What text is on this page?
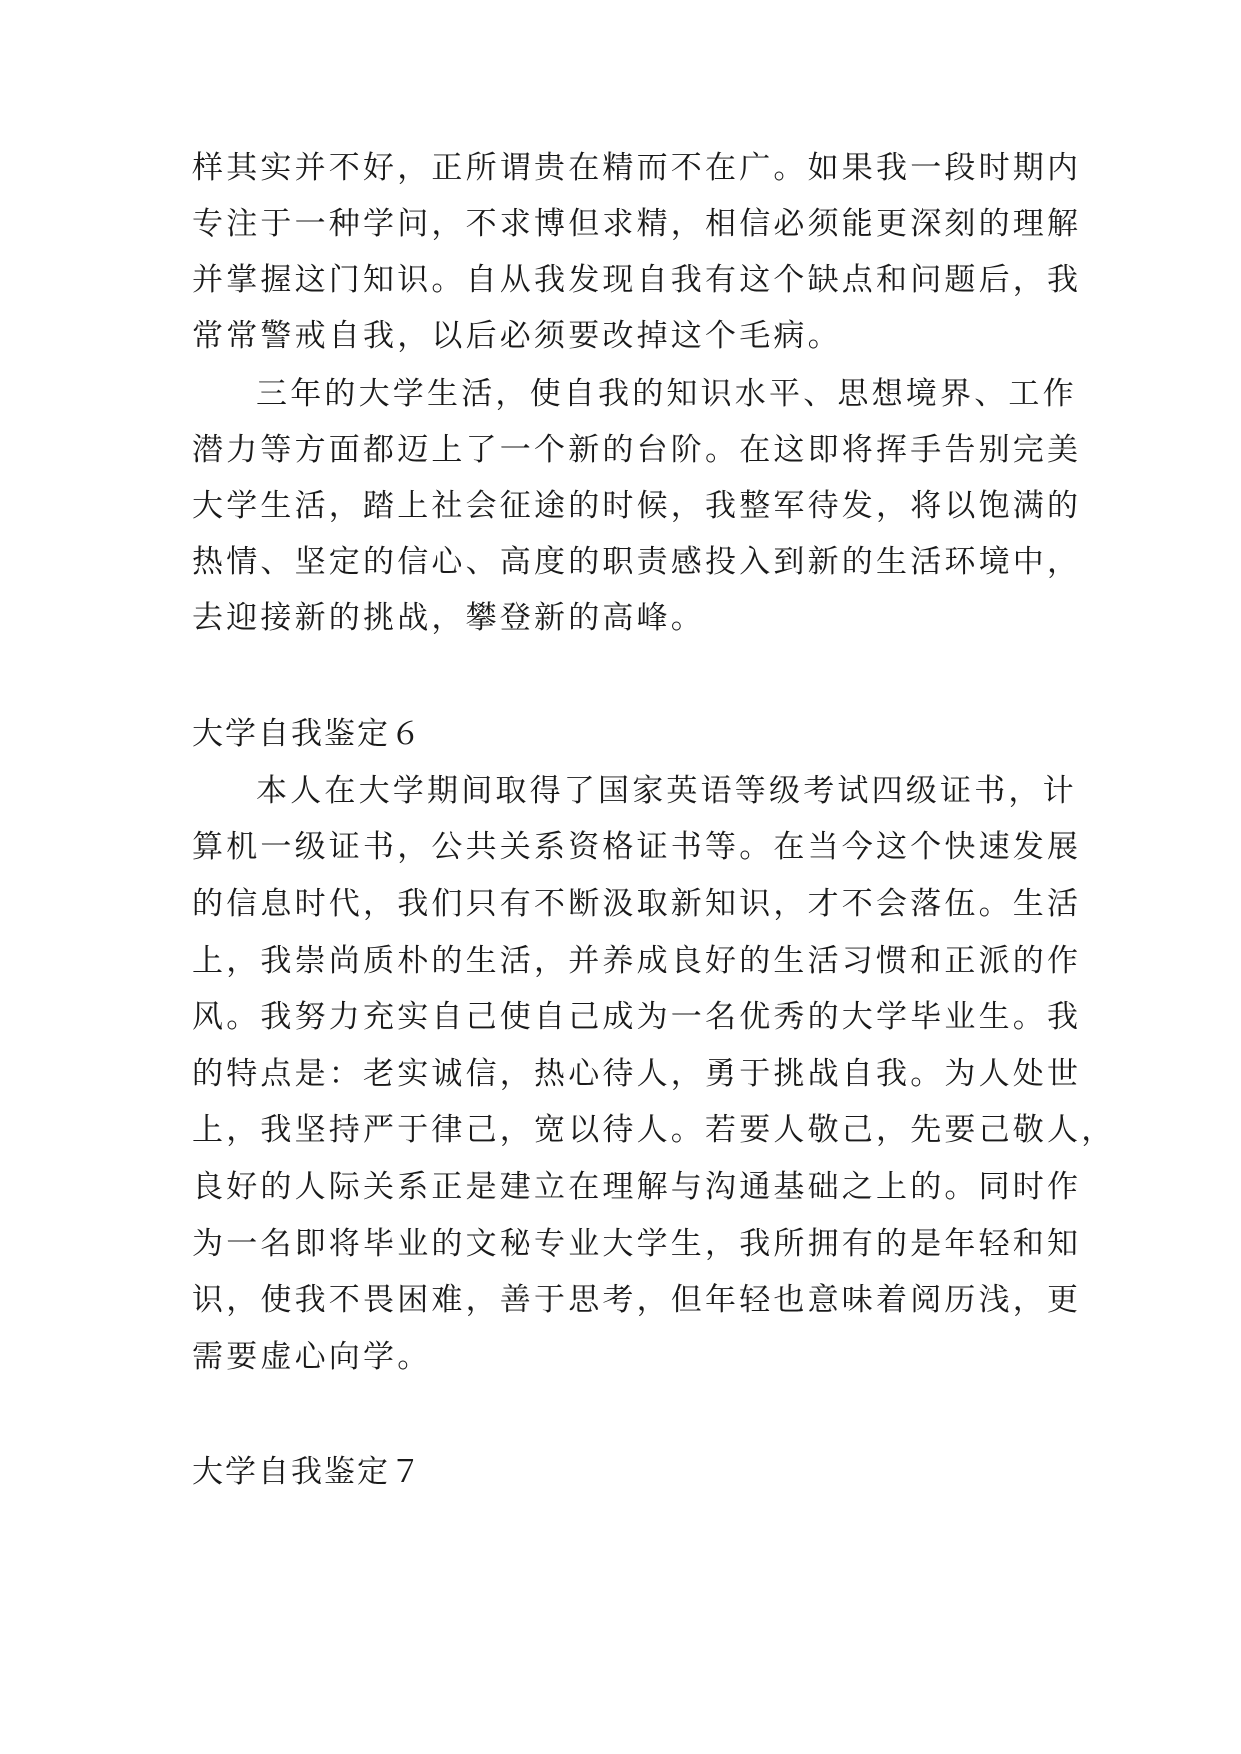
样其实并不好，正所谓贵在精而不在广。如果我一段时期内
专注于一种学问，不求博但求精，相信必须能更深刻的理解
并掌握这门知识。自从我发现自我有这个缺点和问题后，我
常常警戒自我，以后必须要改掉这个毛病。
三年的大学生活，使自我的知识水平、思想境界、工作
潜力等方面都迈上了一个新的台阶。在这即将挥手告别完美
大学生活，踏上社会征途的时候，我整军待发，将以饱满的
热情、坚定的信心、高度的职责感投入到新的生活环境中，
去迎接新的挑战，攀登新的高峰。
大学自我鉴定６
本人在大学期间取得了国家英语等级考试四级证书，计
算机一级证书，公共关系资格证书等。在当今这个快速发展
的信息时代，我们只有不断汲取新知识，才不会落伍。生活
上，我崇尚质朴的生活，并养成良好的生活习惯和正派的作
风。我努力充实自己使自己成为一名优秀的大学毕业生。我
的特点是：老实诚信，热心待人，勇于挑战自我。为人处世
上，我坚持严于律己，宽以待人。若要人敬己，先要己敬人，
良好的人际关系正是建立在理解与沟通基础之上的。同时作
为一名即将毕业的文秘专业大学生，我所拥有的是年轻和知
识，使我不畏困难，善于思考，但年轻也意味着阅历浅，更
需要虚心向学。
大学自我鉴定７
